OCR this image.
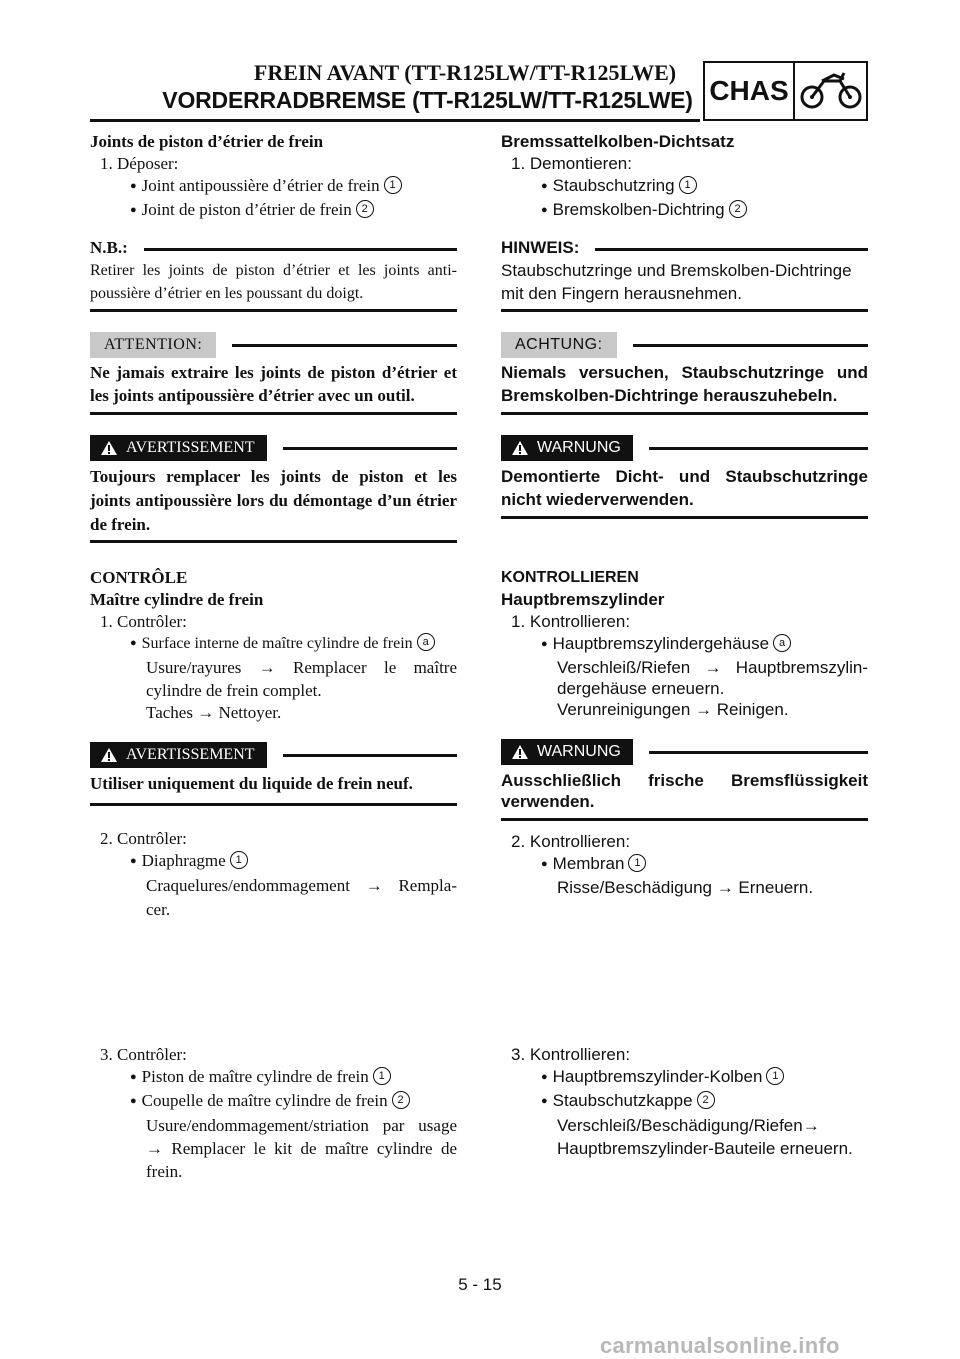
FREIN AVANT (TT-R125LW/TT-R125LWE)
VORDERRADBREMSE (TT-R125LW/TT-R125LWE) CHAS
Joints de piston d’étrier de frein
1. Déposer:
● Joint antipoussière d’étrier de frein 1
● Joint de piston d’étrier de frein 2
N.B.:
Retirer les joints de piston d’étrier et les joints anti-poussière d’étrier en les poussant du doigt.
ATTENTION:
Ne jamais extraire les joints de piston d’étrier et les joints antipoussière d’étrier avec un outil.
AVERTISSEMENT
Toujours remplacer les joints de piston et les joints antipoussière lors du démontage d’un étrier de frein.
CONTRÔLE
Maître cylindre de frein
1. Contrôler:
● Surface interne de maître cylindre de frein a
Usure/rayures → Remplacer le maître cylindre de frein complet.
Taches → Nettoyer.
AVERTISSEMENT
Utiliser uniquement du liquide de frein neuf.
2. Contrôler:
● Diaphragme 1
Craquelures/endommagement → Rempla-cer.
3. Contrôler:
● Piston de maître cylindre de frein 1
● Coupelle de maître cylindre de frein 2
Usure/endommagement/striation par usage → Remplacer le kit de maître cylindre de frein.
Bremssattelkolben-Dichtsatz
1. Demontieren:
● Staubschutzring 1
● Bremskolben-Dichtring 2
HINWEIS:
Staubschutzringe und Bremskolben-Dichtringe mit den Fingern herausnehmen.
ACHTUNG:
Niemals versuchen, Staubschutzringe und Bremskolben-Dichtringe herauszuhebeln.
WARNUNG
Demontierte Dicht- und Staubschutzringe nicht wiederverwenden.
KONTROLLIEREN
Hauptbremszylinder
1. Kontrollieren:
● Hauptbremszylindergehäuse a
Verschleiß/Riefen → Hauptbremszylin-dergehäuse erneuern.
Verunreinigungen → Reinigen.
WARNUNG
Ausschließlich frische Bremsflüssigkeit verwenden.
2. Kontrollieren:
● Membran 1
Risse/Beschädigung → Erneuern.
3. Kontrollieren:
● Hauptbremszylinder-Kolben 1
● Staubschutzkappe 2
Verschleiß/Beschädigung/Riefen→ Hauptbremszylinder-Bauteile erneuern.
5 - 15
carmanualsonline.info
